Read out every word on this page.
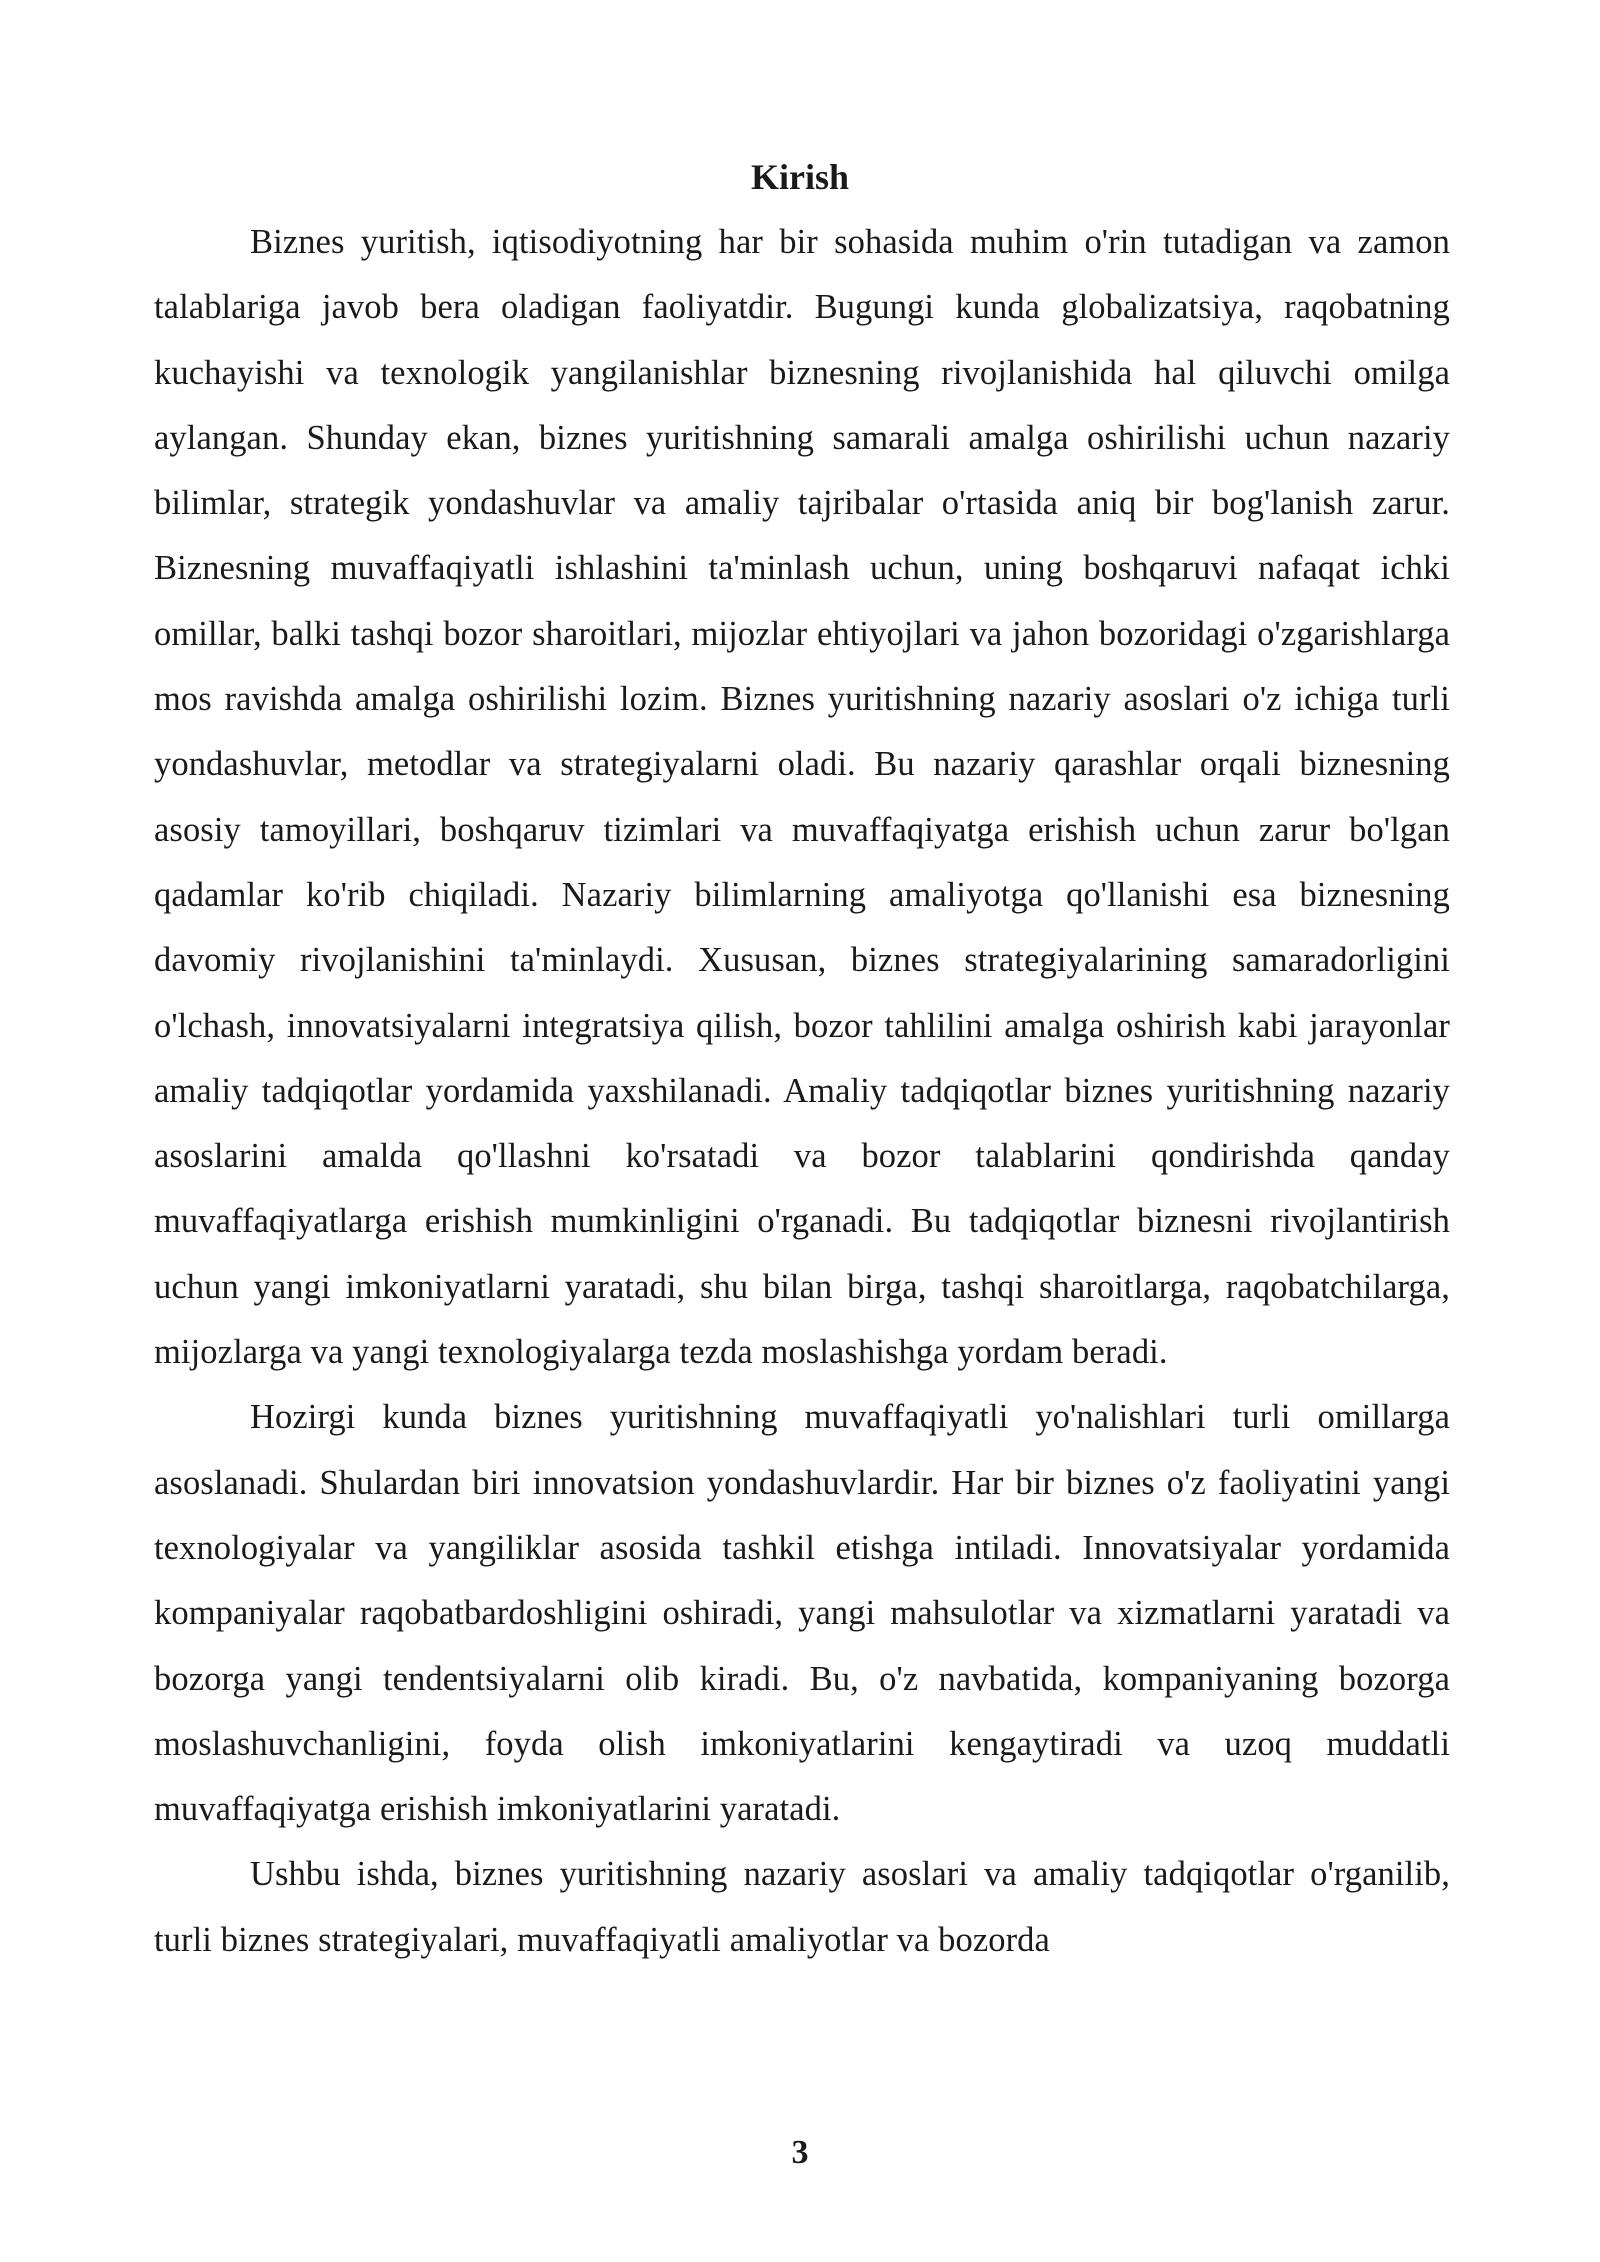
Kirish

Biznes yuritish, iqtisodiyotning har bir sohasida muhim o'rin tutadigan va zamon talablariga javob bera oladigan faoliyatdir. Bugungi kunda globalizatsiya, raqobatning kuchayishi va texnologik yangilanishlar biznesning rivojlanishida hal qiluvchi omilga aylangan. Shunday ekan, biznes yuritishning samarali amalga oshirilishi uchun nazariy bilimlar, strategik yondashuvlar va amaliy tajribalar o'rtasida aniq bir bog'lanish zarur. Biznesning muvaffaqiyatli ishlashini ta'minlash uchun, uning boshqaruvi nafaqat ichki omillar, balki tashqi bozor sharoitlari, mijozlar ehtiyojlari va jahon bozoridagi o'zgarishlarga mos ravishda amalga oshirilishi lozim. Biznes yuritishning nazariy asoslari o'z ichiga turli yondashuvlar, metodlar va strategiyalarni oladi. Bu nazariy qarashlar orqali biznesning asosiy tamoyillari, boshqaruv tizimlari va muvaffaqiyatga erishish uchun zarur bo'lgan qadamlar ko'rib chiqiladi. Nazariy bilimlarning amaliyotga qo'llanishi esa biznesning davomiy rivojlanishini ta'minlaydi. Xususan, biznes strategiyalarining samaradorligini o'lchash, innovatsiyalarni integratsiya qilish, bozor tahlilini amalga oshirish kabi jarayonlar amaliy tadqiqotlar yordamida yaxshilanadi. Amaliy tadqiqotlar biznes yuritishning nazariy asoslarini amalda qo'llashni ko'rsatadi va bozor talablarini qondirishda qanday muvaffaqiyatlarga erishish mumkinligini o'rganadi. Bu tadqiqotlar biznesni rivojlantirish uchun yangi imkoniyatlarni yaratadi, shu bilan birga, tashqi sharoitlarga, raqobatchilarga, mijozlarga va yangi texnologiyalarga tezda moslashishga yordam beradi.

Hozirgi kunda biznes yuritishning muvaffaqiyatli yo'nalishlari turli omillarga asoslanadi. Shulardan biri innovatsion yondashuvlardir. Har bir biznes o'z faoliyatini yangi texnologiyalar va yangiliklar asosida tashkil etishga intiladi. Innovatsiyalar yordamida kompaniyalar raqobatbardoshligini oshiradi, yangi mahsulotlar va xizmatlarni yaratadi va bozorga yangi tendentsiyalarni olib kiradi. Bu, o'z navbatida, kompaniyaning bozorga moslashuvchanligini, foyda olish imkoniyatlarini kengaytiradi va uzoq muddatli muvaffaqiyatga erishish imkoniyatlarini yaratadi.

Ushbu ishda, biznes yuritishning nazariy asoslari va amaliy tadqiqotlar o'rganilib, turli biznes strategiyalari, muvaffaqiyatli amaliyotlar va bozorda

3
